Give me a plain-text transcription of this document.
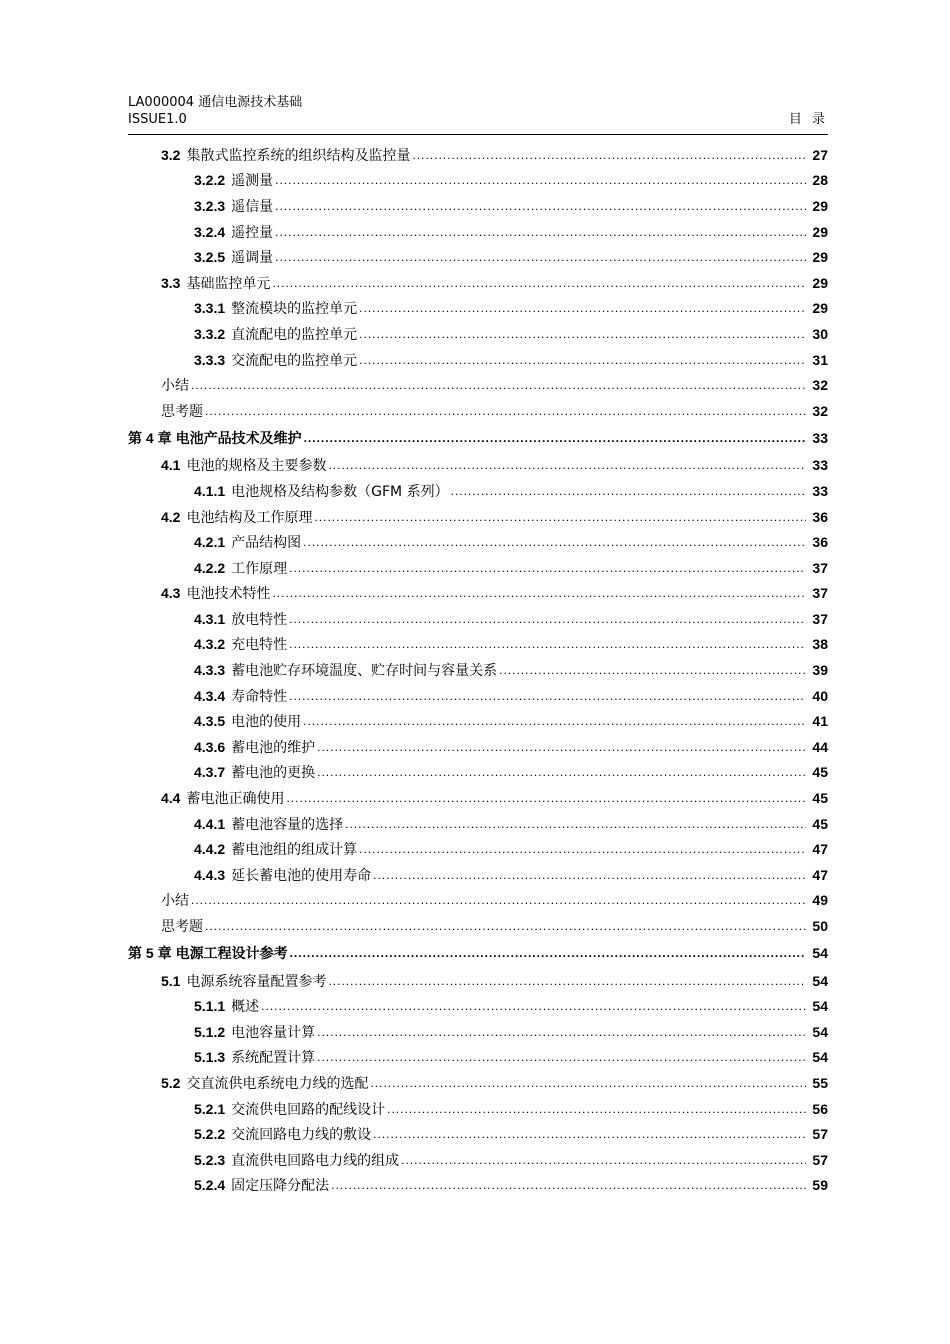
LA000004 通信电源技术基础
ISSUE1.0	目 录
3.2 集散式监控系统的组织结构及监控量 .....	27
3.2.2 遥测量 .....	28
3.2.3 遥信量 .....	29
3.2.4 遥控量 .....	29
3.2.5 遥调量 .....	29
3.3 基础监控单元 .....	29
3.3.1 整流模块的监控单元 .....	29
3.3.2 直流配电的监控单元 .....	30
3.3.3 交流配电的监控单元 .....	31
小结 .....	32
思考题 .....	32
第 4 章 电池产品技术及维护 .....	33
4.1 电池的规格及主要参数 .....	33
4.1.1 电池规格及结构参数（GFM 系列） .....	33
4.2 电池结构及工作原理 .....	36
4.2.1 产品结构图 .....	36
4.2.2 工作原理 .....	37
4.3 电池技术特性 .....	37
4.3.1 放电特性 .....	37
4.3.2 充电特性 .....	38
4.3.3 蓄电池贮存环境温度、贮存时间与容量关系 .....	39
4.3.4 寿命特性 .....	40
4.3.5 电池的使用 .....	41
4.3.6 蓄电池的维护 .....	44
4.3.7 蓄电池的更换 .....	45
4.4 蓄电池正确使用 .....	45
4.4.1 蓄电池容量的选择 .....	45
4.4.2 蓄电池组的组成计算 .....	47
4.4.3 延长蓄电池的使用寿命 .....	47
小结 .....	49
思考题 .....	50
第 5 章 电源工程设计参考 .....	54
5.1 电源系统容量配置参考 .....	54
5.1.1 概述 .....	54
5.1.2 电池容量计算 .....	54
5.1.3 系统配置计算 .....	54
5.2 交直流供电系统电力线的选配 .....	55
5.2.1 交流供电回路的配线设计 .....	56
5.2.2 交流回路电力线的敷设 .....	57
5.2.3 直流供电回路电力线的组成 .....	57
5.2.4 固定压降分配法 .....	59
